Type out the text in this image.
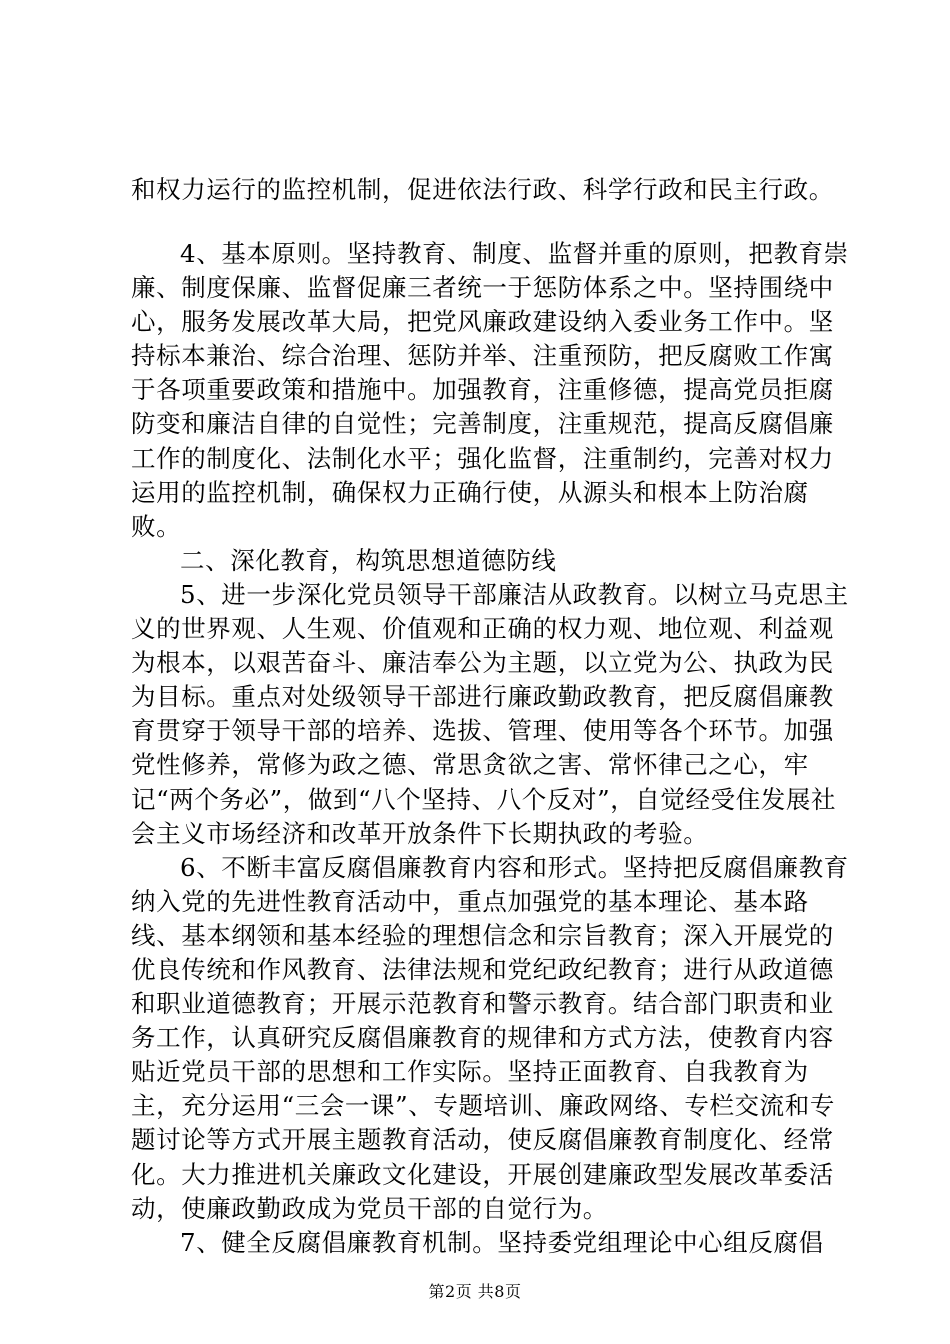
和权力运行的监控机制，促进依法行政、科学行政和民主行政。

4、基本原则。坚持教育、制度、监督并重的原则，把教育崇廉、制度保廉、监督促廉三者统一于惩防体系之中。坚持围绕中心，服务发展改革大局，把党风廉政建设纳入委业务工作中。坚持标本兼治、综合治理、惩防并举、注重预防，把反腐败工作寓于各项重要政策和措施中。加强教育，注重修德，提高党员拒腐防变和廉洁自律的自觉性；完善制度，注重规范，提高反腐倡廉工作的制度化、法制化水平；强化监督，注重制约，完善对权力运用的监控机制，确保权力正确行使，从源头和根本上防治腐败。

二、深化教育，构筑思想道德防线

5、进一步深化党员领导干部廉洁从政教育。以树立马克思主义的世界观、人生观、价值观和正确的权力观、地位观、利益观为根本，以艰苦奋斗、廉洁奉公为主题，以立党为公、执政为民为目标。重点对处级领导干部进行廉政勤政教育，把反腐倡廉教育贯穿于领导干部的培养、选拔、管理、使用等各个环节。加强党性修养，常修为政之德、常思贪欲之害、常怀律己之心，牢记“两个务必”，做到“八个坚持、八个反对”，自觉经受住发展社会主义市场经济和改革开放条件下长期执政的考验。

6、不断丰富反腐倡廉教育内容和形式。坚持把反腐倡廉教育纳入党的先进性教育活动中，重点加强党的基本理论、基本路线、基本纲领和基本经验的理想信念和宗旨教育；深入开展党的优良传统和作风教育、法律法规和党纪政纪教育；进行从政道德和职业道德教育；开展示范教育和警示教育。结合部门职责和业务工作，认真研究反腐倡廉教育的规律和方式方法，使教育内容贴近党员干部的思想和工作实际。坚持正面教育、自我教育为主，充分运用“三会一课”、专题培训、廉政网络、专栏交流和专题讨论等方式开展主题教育活动，使反腐倡廉教育制度化、经常化。大力推进机关廉政文化建设，开展创建廉政型发展改革委活动，使廉政勤政成为党员干部的自觉行为。

7、健全反腐倡廉教育机制。坚持委党组理论中心组反腐倡

第2页 共8页
